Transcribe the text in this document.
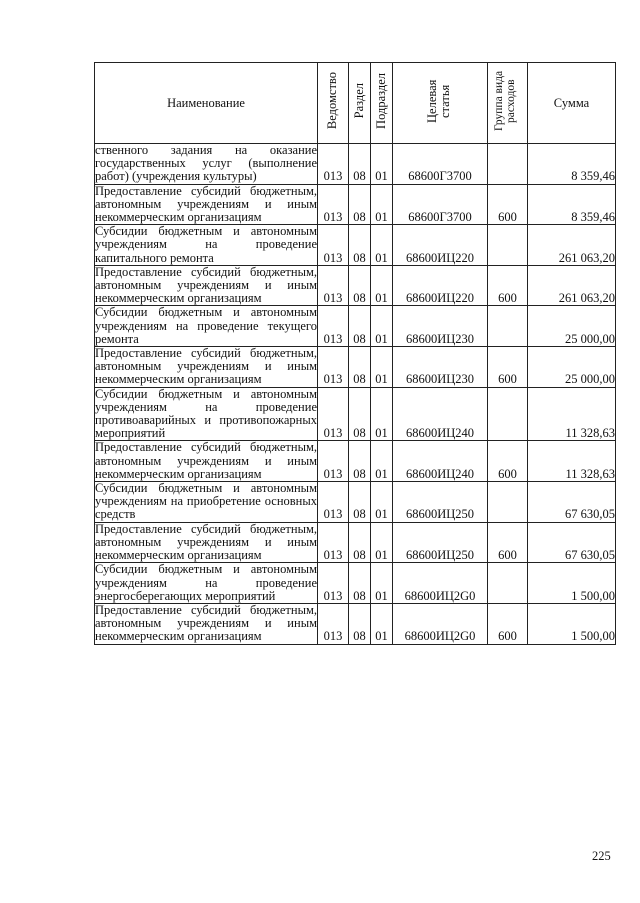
Наименование	Ведомство	Раздел	Подраздел	Целевая статья	Группа вида расходов	Сумма
ственного задания на оказание государственных услуг (выполнение работ) (учреждения культуры)	013	08	01	68600Г3700		8 359,46
Предоставление субсидий бюджетным, автономным учреждениям и иным некоммерческим организациям	013	08	01	68600Г3700	600	8 359,46
Субсидии бюджетным и автономным учреждениям на проведение капитального ремонта	013	08	01	68600ИЦ220		261 063,20
Предоставление субсидий бюджетным, автономным учреждениям и иным некоммерческим организациям	013	08	01	68600ИЦ220	600	261 063,20
Субсидии бюджетным и автономным учреждениям на проведение текущего ремонта	013	08	01	68600ИЦ230		25 000,00
Предоставление субсидий бюджетным, автономным учреждениям и иным некоммерческим организациям	013	08	01	68600ИЦ230	600	25 000,00
Субсидии бюджетным и автономным учреждениям на проведение противоаварийных и противопожарных мероприятий	013	08	01	68600ИЦ240		11 328,63
Предоставление субсидий бюджетным, автономным учреждениям и иным некоммерческим организациям	013	08	01	68600ИЦ240	600	11 328,63
Субсидии бюджетным и автономным учреждениям на приобретение основных средств	013	08	01	68600ИЦ250		67 630,05
Предоставление субсидий бюджетным, автономным учреждениям и иным некоммерческим организациям	013	08	01	68600ИЦ250	600	67 630,05
Субсидии бюджетным и автономным учреждениям на проведение энергосберегающих мероприятий	013	08	01	68600ИЦ2G0		1 500,00
Предоставление субсидий бюджетным, автономным учреждениям и иным некоммерческим организациям	013	08	01	68600ИЦ2G0	600	1 500,00
225
